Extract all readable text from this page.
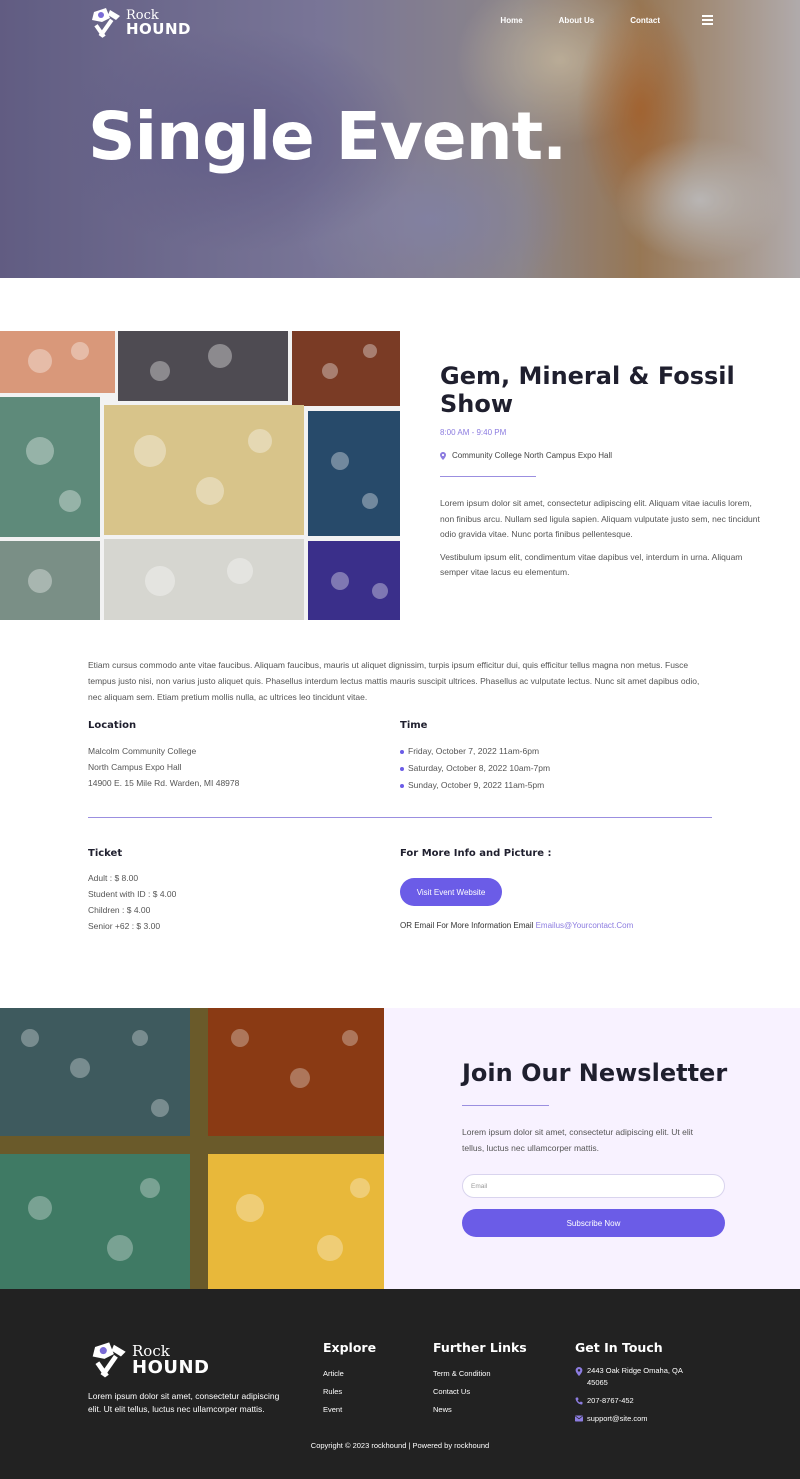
Rock
HOUND	Home	About Us	Contact
Single Event.
Gem, Mineral & Fossil Show
8:00 AM - 9:40 PM
Community College North Campus Expo Hall

Lorem ipsum dolor sit amet, consectetur adipiscing elit. Aliquam vitae iaculis lorem, non finibus arcu. Nullam sed ligula sapien. Aliquam vulputate justo sem, nec tincidunt odio gravida vitae. Nunc porta finibus pellentesque.

Vestibulum ipsum elit, condimentum vitae dapibus vel, interdum in urna. Aliquam semper vitae lacus eu elementum.

Etiam cursus commodo ante vitae faucibus. Aliquam faucibus, mauris ut aliquet dignissim, turpis ipsum efficitur dui, quis efficitur tellus magna non metus. Fusce tempus justo nisi, non varius justo aliquet quis. Phasellus interdum lectus mattis mauris suscipit ultrices. Phasellus ac vulputate lectus. Nunc sit amet dapibus odio, nec aliquam sem. Etiam pretium mollis nulla, ac ultrices leo tincidunt vitae.

Location
Malcolm Community College
North Campus Expo Hall
14900 E. 15 Mile Rd. Warden, MI 48978
Time
Friday, October 7, 2022 11am-6pm
Saturday, October 8, 2022 10am-7pm
Sunday, October 9, 2022 11am-5pm
Ticket
Adult : $ 8.00
Student with ID : $ 4.00
Children : $ 4.00
Senior +62 : $ 3.00
For More Info and Picture :
Visit Event Website
OR Email For More Information Email Emailus@Yourcontact.Com
Join Our Newsletter

Lorem ipsum dolor sit amet, consectetur adipiscing elit. Ut elit tellus, luctus nec ullamcorper mattis.

Email
Subscribe Now
Rock
HOUND

Lorem ipsum dolor sit amet, consectetur adipiscing elit. Ut elit tellus, luctus nec ullamcorper mattis.

Explore
Article
Rules
Event
Further Links
Term & Condition
Contact Us
News
Get In Touch
2443 Oak Ridge Omaha, QA 45065
207-8767-452
support@site.com
Copyright © 2023 rockhound | Powered by rockhound
